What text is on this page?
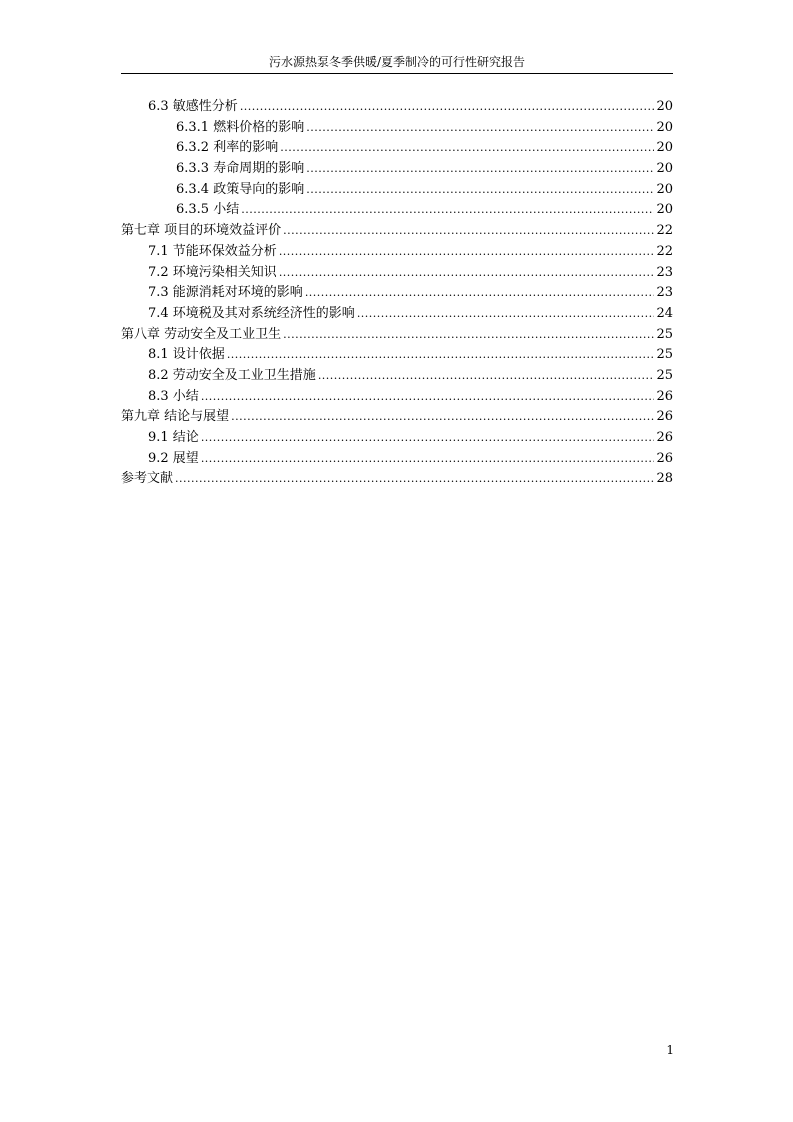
污水源热泵冬季供暖/夏季制冷的可行性研究报告
6.3 敏感性分析 .....	20
6.3.1 燃料价格的影响 .....	20
6.3.2 利率的影响 .....	20
6.3.3 寿命周期的影响 .....	20
6.3.4 政策导向的影响 .....	20
6.3.5 小结 .....	20
第七章 项目的环境效益评价 .....	22
7.1 节能环保效益分析 .....	22
7.2 环境污染相关知识 .....	23
7.3 能源消耗对环境的影响 .....	23
7.4 环境税及其对系统经济性的影响 .....	24
第八章 劳动安全及工业卫生 .....	25
8.1 设计依据 .....	25
8.2 劳动安全及工业卫生措施 .....	25
8.3 小结 .....	26
第九章 结论与展望 .....	26
9.1 结论 .....	26
9.2 展望 .....	26
参考文献 .....	28
1
